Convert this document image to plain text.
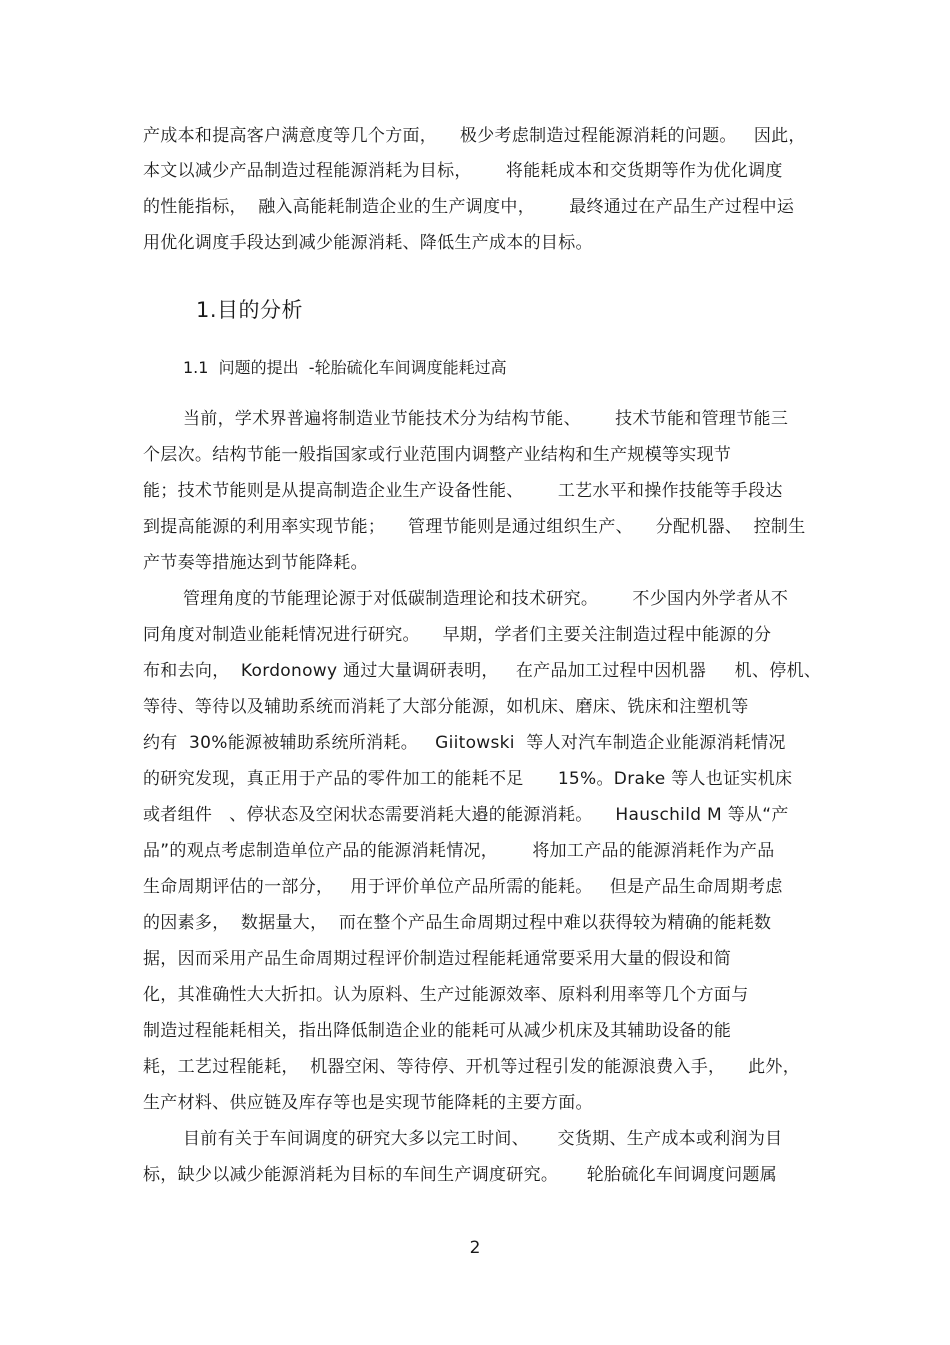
产成本和提高客户满意度等几个方面，    极少考虑制造过程能源消耗的问题。   因此，
本文以减少产品制造过程能源消耗为目标，      将能耗成本和交货期等作为优化调度
的性能指标，  融入高能耗制造企业的生产调度中，      最终通过在产品生产过程中运
用优化调度手段达到减少能源消耗、降低生产成本的目标。
1.目的分析
1.1  问题的提出  -轮胎硫化车间调度能耗过高
当前，学术界普遍将制造业节能技术分为结构节能、      技术节能和管理节能三
个层次。结构节能一般指国家或行业范围内调整产业结构和生产规模等实现节
能；技术节能则是从提高制造企业生产设备性能、      工艺水平和操作技能等手段达
到提高能源的利用率实现节能；    管理节能则是通过组织生产、    分配机器、  控制生
产节奏等措施达到节能降耗。
管理角度的节能理论源于对低碳制造理论和技术研究。      不少国内外学者从不
同角度对制造业能耗情况进行研究。    早期，学者们主要关注制造过程中能源的分
布和去向，  Kordonowy 通过大量调研表明，   在产品加工过程中因机器     机、停机、
等待、等待以及辅助系统而消耗了大部分能源，如机床、磨床、铣床和注塑机等
约有  30%能源被辅助系统所消耗。   Giitowski  等人对汽车制造企业能源消耗情况
的研究发现，真正用于产品的零件加工的能耗不足      15%。Drake 等人也证实机床
或者组件   、停状态及空闲状态需要消耗大邉的能源消耗。    Hauschild M 等从“产
品”的观点考虑制造单位产品的能源消耗情况，      将加工产品的能源消耗作为产品
生命周期评估的一部分，   用于评价单位产品所需的能耗。   但是产品生命周期考虑
的因素多，  数据量大，  而在整个产品生命周期过程中难以获得较为精确的能耗数
据，因而采用产品生命周期过程评价制造过程能耗通常要采用大量的假设和简
化，其准确性大大折扣。认为原料、生产过能源效率、原料利用率等几个方面与
制造过程能耗相关，指出降低制造企业的能耗可从减少机床及其辅助设备的能
耗，工艺过程能耗，  机器空闲、等待停、开机等过程引发的能源浪费入手，    此外，
生产材料、供应链及库存等也是实现节能降耗的主要方面。
目前有关于车间调度的研究大多以完工时间、     交货期、生产成本或利润为目
标，缺少以减少能源消耗为目标的车间生产调度研究。     轮胎硫化车间调度问题属
2
